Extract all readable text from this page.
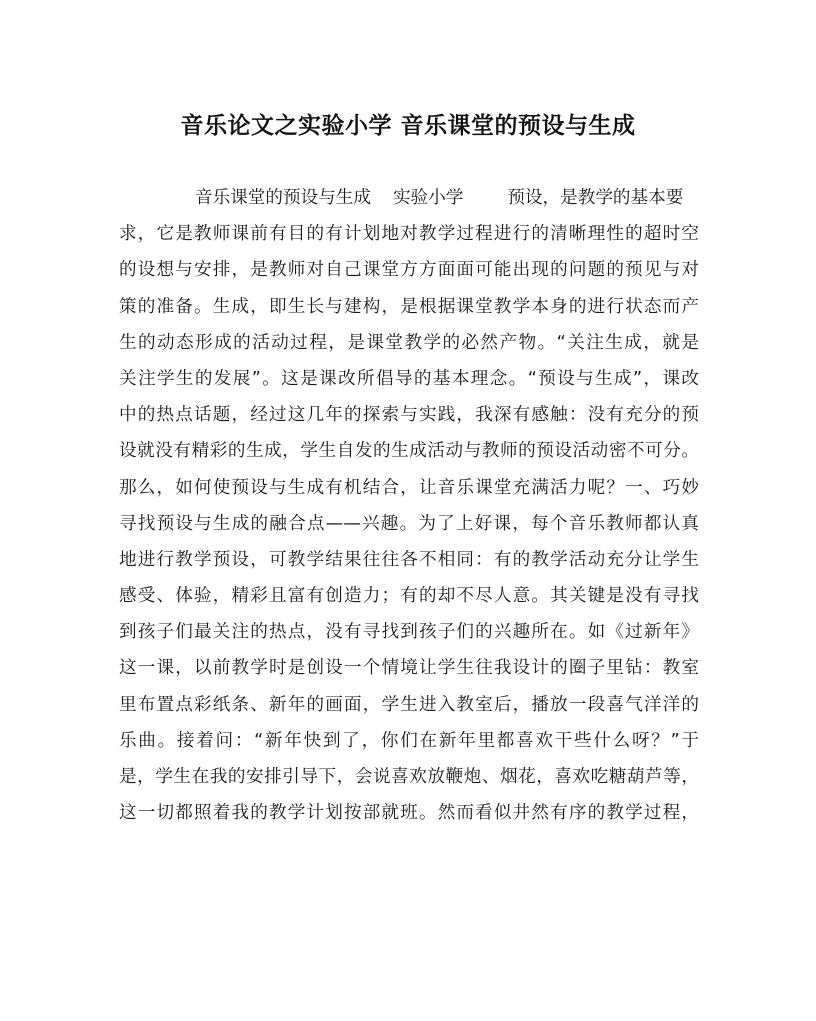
音乐论文之实验小学 音乐课堂的预设与生成
音乐课堂的预设与生成 实验小学	预设，是教学的基本要
求，它是教师课前有目的有计划地对教学过程进行的清晰理性的超时空
的设想与安排，是教师对自己课堂方方面面可能出现的问题的预见与对
策的准备。生成，即生长与建构，是根据课堂教学本身的进行状态而产
生的动态形成的活动过程，是课堂教学的必然产物。“关注生成，就是
关注学生的发展”。这是课改所倡导的基本理念。“预设与生成”，课改
中的热点话题，经过这几年的探索与实践，我深有感触：没有充分的预
设就没有精彩的生成，学生自发的生成活动与教师的预设活动密不可分。
那么，如何使预设与生成有机结合，让音乐课堂充满活力呢？一、巧妙
寻找预设与生成的融合点——兴趣。为了上好课，每个音乐教师都认真
地进行教学预设，可教学结果往往各不相同：有的教学活动充分让学生
感受、体验，精彩且富有创造力；有的却不尽人意。其关键是没有寻找
到孩子们最关注的热点，没有寻找到孩子们的兴趣所在。如《过新年》
这一课，以前教学时是创设一个情境让学生往我设计的圈子里钻：教室
里布置点彩纸条、新年的画面，学生进入教室后，播放一段喜气洋洋的
乐曲。接着问：“新年快到了，你们在新年里都喜欢干些什么呀？”于
是，学生在我的安排引导下，会说喜欢放鞭炮、烟花，喜欢吃糖葫芦等，
这一切都照着我的教学计划按部就班。然而看似井然有序的教学过程，
